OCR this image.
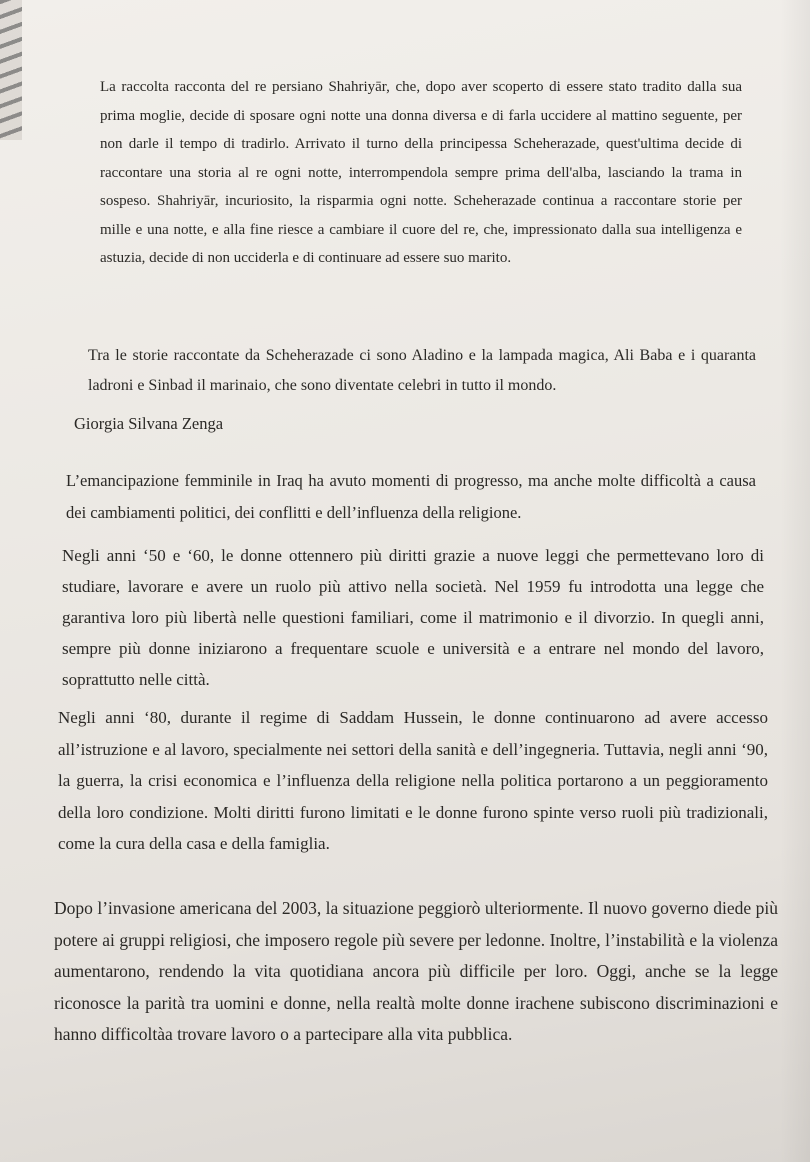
La raccolta racconta del re persiano Shahriyār, che, dopo aver scoperto di essere stato tradito dalla sua prima moglie, decide di sposare ogni notte una donna diversa e di farla uccidere al mattino seguente, per non darle il tempo di tradirlo. Arrivato il turno della principessa Scheherazade, quest'ultima decide di raccontare una storia al re ogni notte, interrompendola sempre prima dell'alba, lasciando la trama in sospeso. Shahriyār, incuriosito, la risparmia ogni notte. Scheherazade continua a raccontare storie per mille e una notte, e alla fine riesce a cambiare il cuore del re, che, impressionato dalla sua intelligenza e astuzia, decide di non ucciderla e di continuare ad essere suo marito.

Tra le storie raccontate da Scheherazade ci sono Aladino e la lampada magica, Ali Baba e i quaranta ladroni e Sinbad il marinaio, che sono diventate celebri in tutto il mondo.

Giorgia Silvana Zenga

L’emancipazione femminile in Iraq ha avuto momenti di progresso, ma anche molte difficoltà a causa dei cambiamenti politici, dei conflitti e dell’influenza della religione.

Negli anni ‘50 e ‘60, le donne ottennero più diritti grazie a nuove leggi che permettevano loro di studiare, lavorare e avere un ruolo più attivo nella società. Nel 1959 fu introdotta una legge che garantiva loro più libertà nelle questioni familiari, come il matrimonio e il divorzio. In quegli anni, sempre più donne iniziarono a frequentare scuole e università e a entrare nel mondo del lavoro, soprattutto nelle città.

Negli anni ‘80, durante il regime di Saddam Hussein, le donne continuarono ad avere accesso all’istruzione e al lavoro, specialmente nei settori della sanità e dell’ingegneria. Tuttavia, negli anni ‘90, la guerra, la crisi economica e l’influenza della religione nella politica portarono a un peggioramento della loro condizione. Molti diritti furono limitati e le donne furono spinte verso ruoli più tradizionali, come la cura della casa e della famiglia.

Dopo l’invasione americana del 2003, la situazione peggiorò ulteriormente. Il nuovo governo diede più potere ai gruppi religiosi, che imposero regole più severe per ledonne. Inoltre, l’instabilità e la violenza aumentarono, rendendo la vita quotidiana ancora più difficile per loro. Oggi, anche se la legge riconosce la parità tra uomini e donne, nella realtà molte donne irachene subiscono discriminazioni e hanno difficoltàa trovare lavoro o a partecipare alla vita pubblica.
